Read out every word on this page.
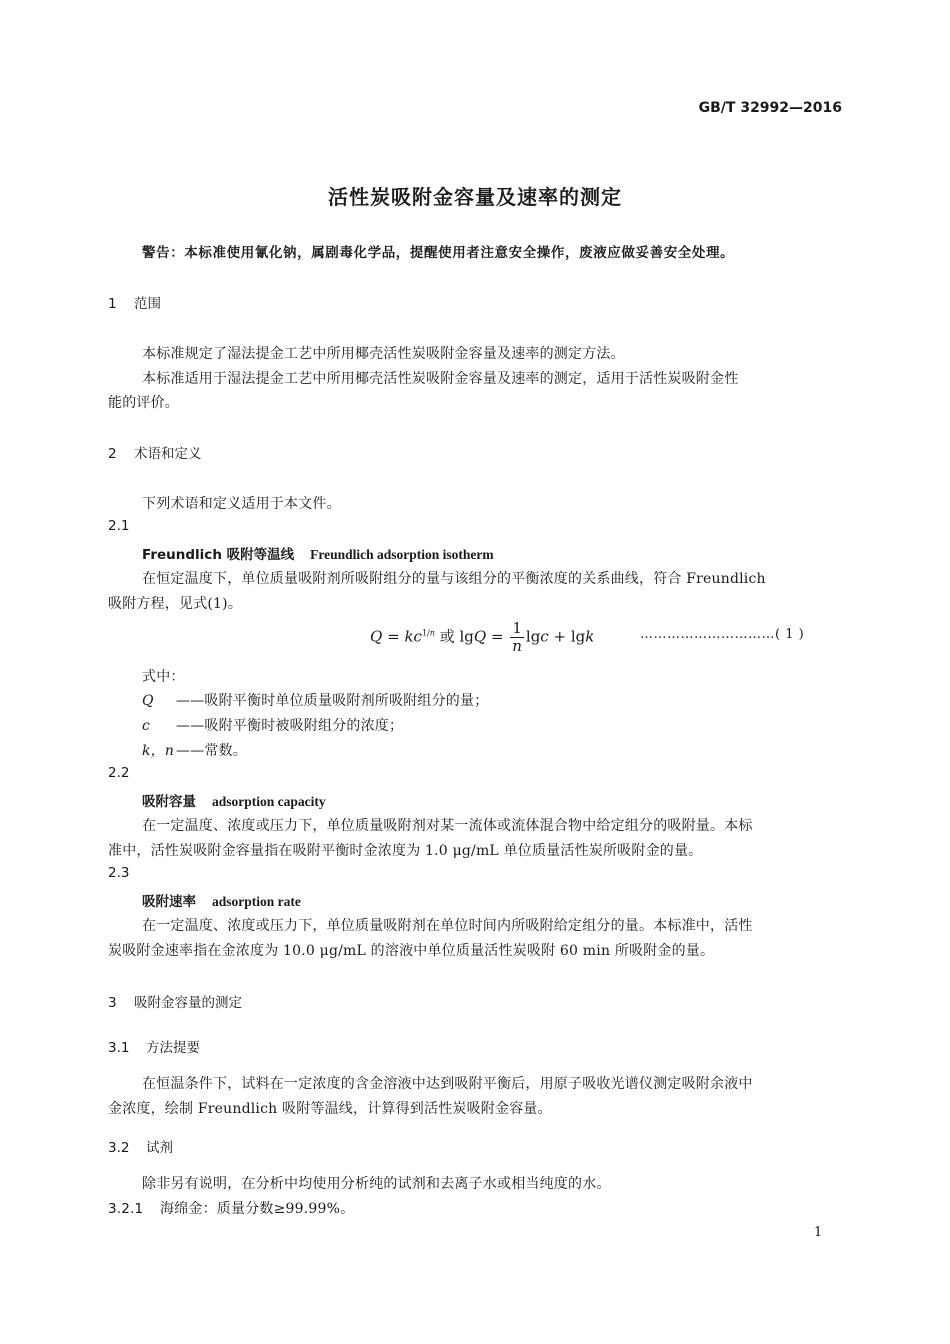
GB/T 32992—2016
活性炭吸附金容量及速率的测定
警告：本标准使用氰化钠，属剧毒化学品，提醒使用者注意安全操作，废液应做妥善安全处理。
1 范围
本标准规定了湿法提金工艺中所用椰壳活性炭吸附金容量及速率的测定方法。
本标准适用于湿法提金工艺中所用椰壳活性炭吸附金容量及速率的测定，适用于活性炭吸附金性
能的评价。
2 术语和定义
下列术语和定义适用于本文件。
2.1
Freundlich 吸附等温线 Freundlich adsorption isotherm
在恒定温度下，单位质量吸附剂所吸附组分的量与该组分的平衡浓度的关系曲线，符合 Freundlich
吸附方程，见式(1)。
$Q = kc^{1/n}$ 或 $\lg Q = \frac{1}{n}$ lgc + lgk	…………………………( 1 )
式中：
Q ——吸附平衡时单位质量吸附剂所吸附组分的量；
c ——吸附平衡时被吸附组分的浓度；
k，n ——常数。
2.2
吸附容量 adsorption capacity
在一定温度、浓度或压力下，单位质量吸附剂对某一流体或流体混合物中给定组分的吸附量。本标
准中，活性炭吸附金容量指在吸附平衡时金浓度为 1.0 μg/mL 单位质量活性炭所吸附金的量。
2.3
吸附速率 adsorption rate
在一定温度、浓度或压力下，单位质量吸附剂在单位时间内所吸附给定组分的量。本标准中，活性
炭吸附金速率指在金浓度为 10.0 μg/mL 的溶液中单位质量活性炭吸附 60 min 所吸附金的量。
3 吸附金容量的测定
3.1 方法提要
在恒温条件下，试料在一定浓度的含金溶液中达到吸附平衡后，用原子吸收光谱仪测定吸附余液中
金浓度，绘制 Freundlich 吸附等温线，计算得到活性炭吸附金容量。
3.2 试剂
除非另有说明，在分析中均使用分析纯的试剂和去离子水或相当纯度的水。
3.2.1 海绵金：质量分数≥99.99%。
1
